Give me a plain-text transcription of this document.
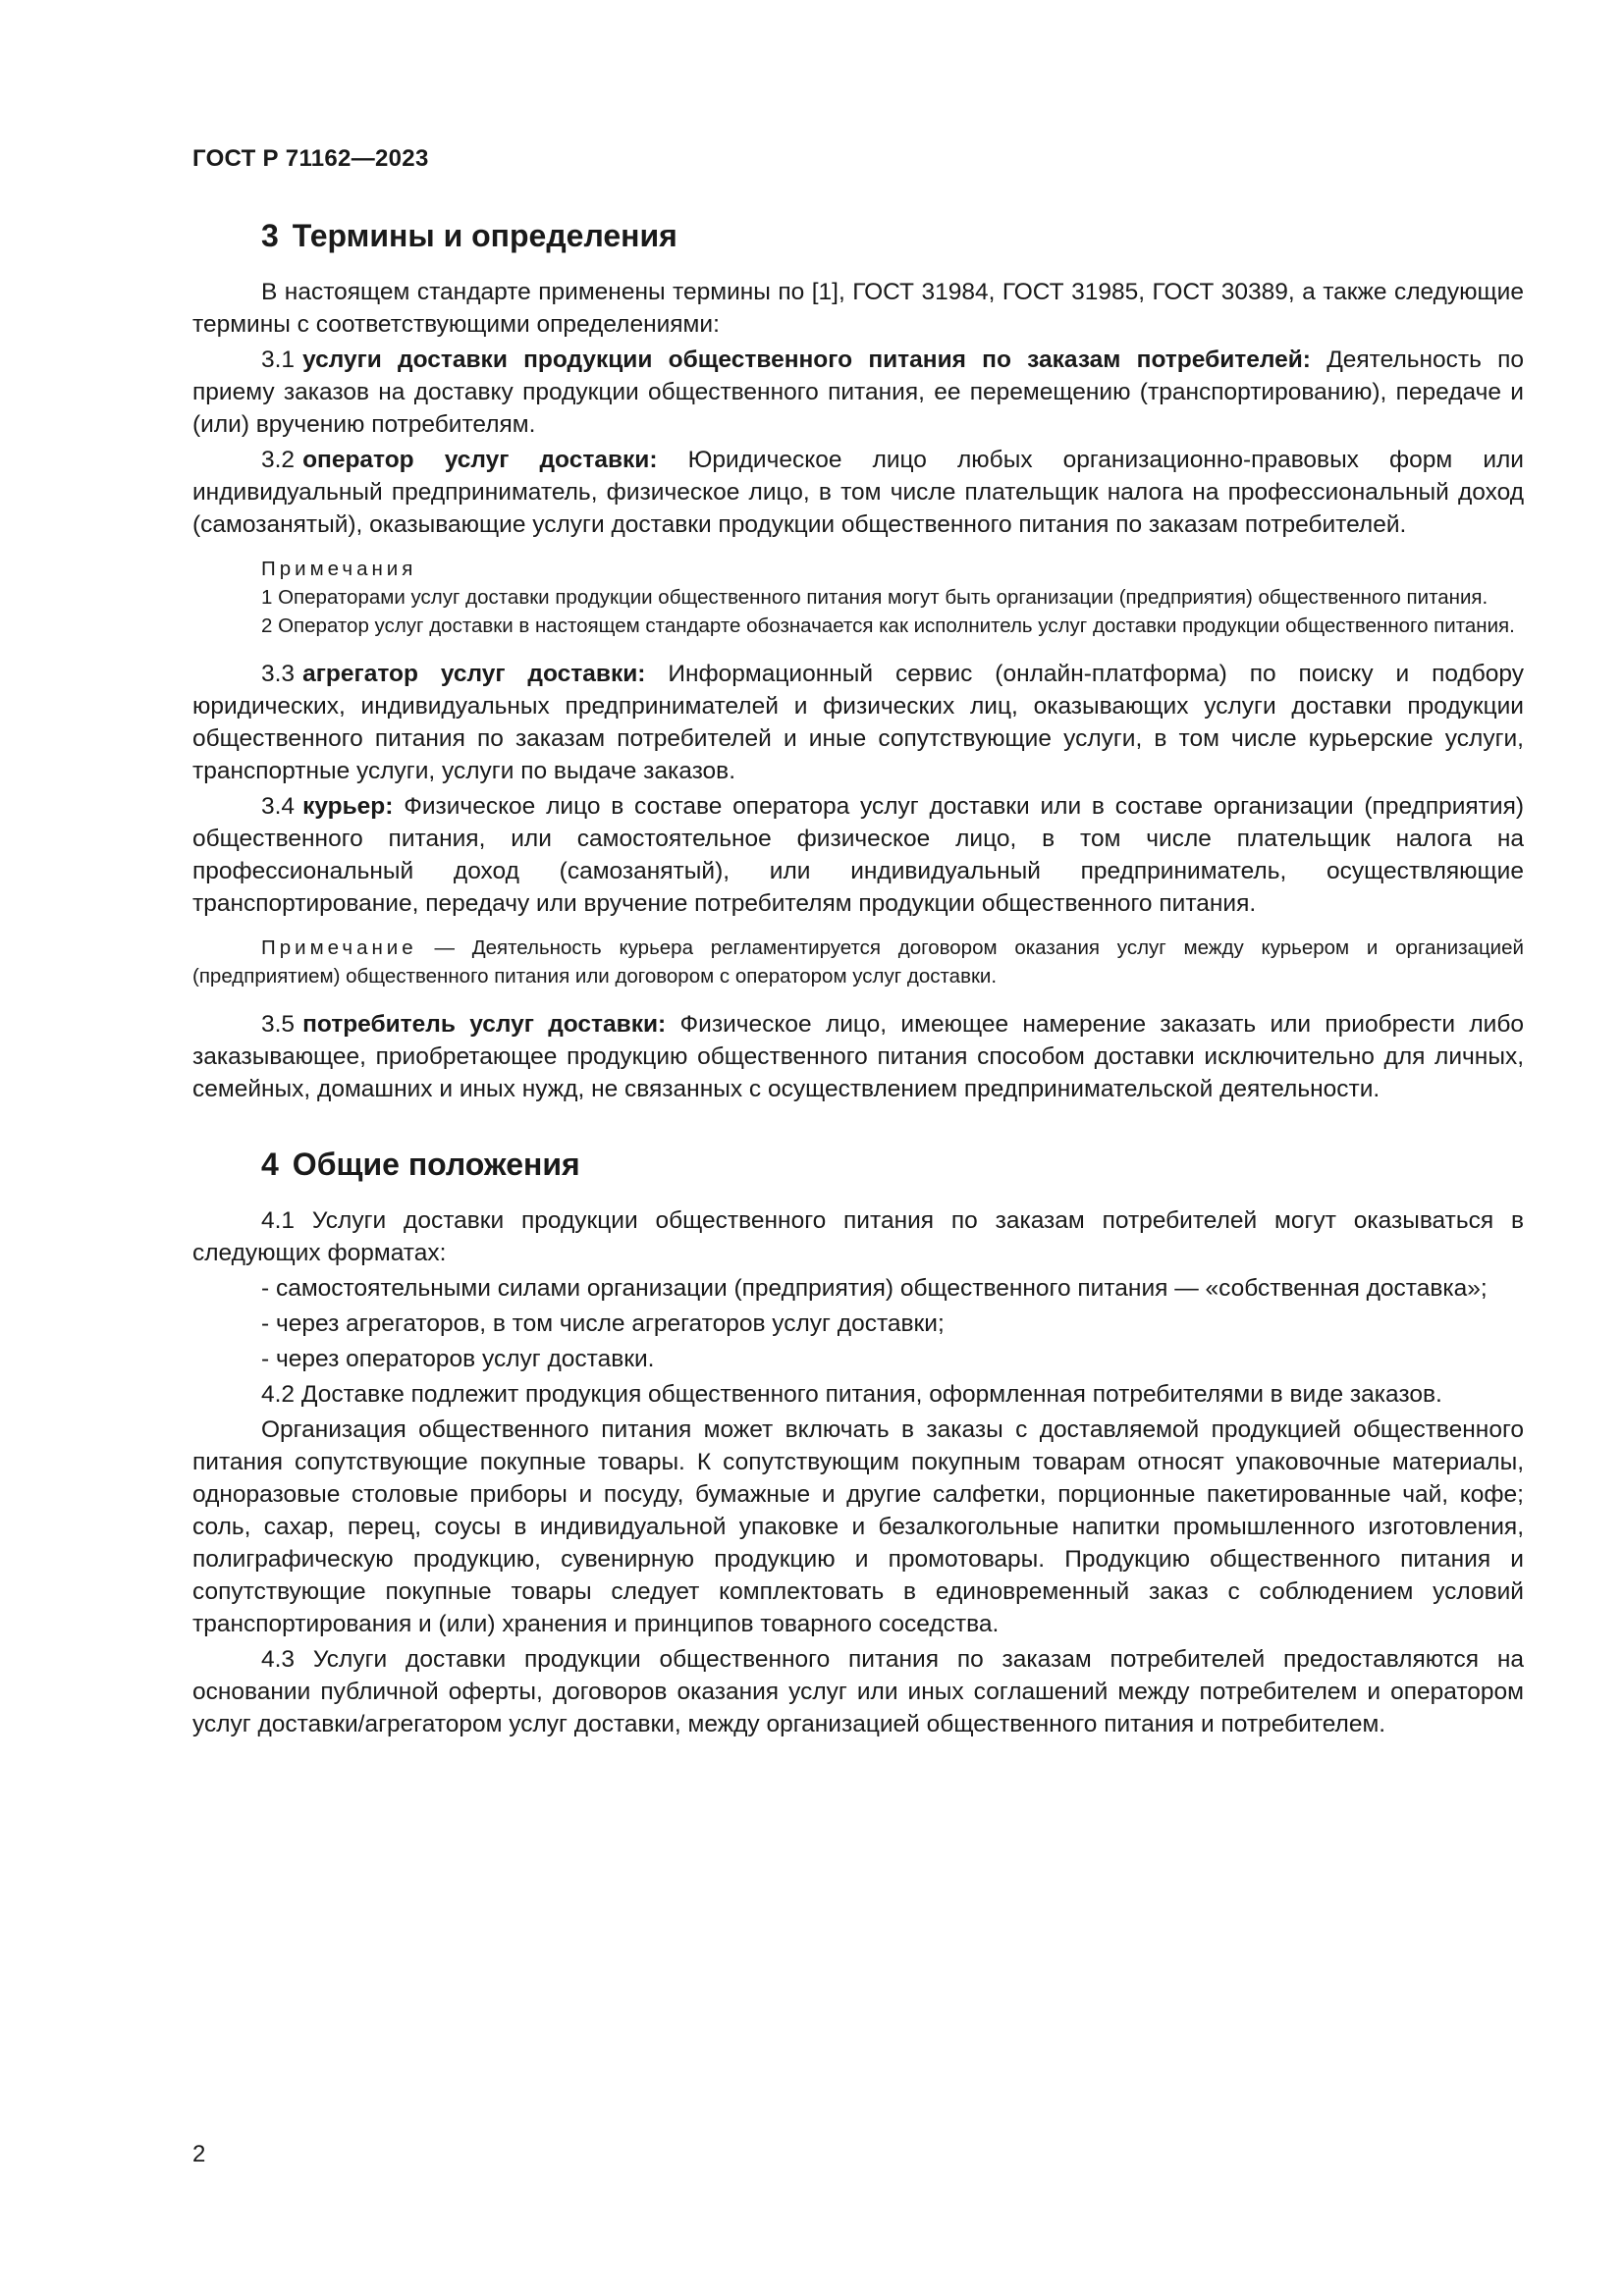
ГОСТ Р 71162—2023
3 Термины и определения

В настоящем стандарте применены термины по [1], ГОСТ 31984, ГОСТ 31985, ГОСТ 30389, а также следующие термины с соответствующими определениями:

3.1 услуги доставки продукции общественного питания по заказам потребителей: Деятельность по приему заказов на доставку продукции общественного питания, ее перемещению (транспортированию), передаче и (или) вручению потребителям.

3.2 оператор услуг доставки: Юридическое лицо любых организационно-правовых форм или индивидуальный предприниматель, физическое лицо, в том числе плательщик налога на профессиональный доход (самозанятый), оказывающие услуги доставки продукции общественного питания по заказам потребителей.

Примечания

1 Операторами услуг доставки продукции общественного питания могут быть организации (предприятия) общественного питания.

2 Оператор услуг доставки в настоящем стандарте обозначается как исполнитель услуг доставки продукции общественного питания.

3.3 агрегатор услуг доставки: Информационный сервис (онлайн-платформа) по поиску и подбору юридических, индивидуальных предпринимателей и физических лиц, оказывающих услуги доставки продукции общественного питания по заказам потребителей и иные сопутствующие услуги, в том числе курьерские услуги, транспортные услуги, услуги по выдаче заказов.

3.4 курьер: Физическое лицо в составе оператора услуг доставки или в составе организации (предприятия) общественного питания, или самостоятельное физическое лицо, в том числе плательщик налога на профессиональный доход (самозанятый), или индивидуальный предприниматель, осуществляющие транспортирование, передачу или вручение потребителям продукции общественного питания.

Примечание — Деятельность курьера регламентируется договором оказания услуг между курьером и организацией (предприятием) общественного питания или договором с оператором услуг доставки.

3.5 потребитель услуг доставки: Физическое лицо, имеющее намерение заказать или приобрести либо заказывающее, приобретающее продукцию общественного питания способом доставки исключительно для личных, семейных, домашних и иных нужд, не связанных с осуществлением предпринимательской деятельности.

4 Общие положения

4.1 Услуги доставки продукции общественного питания по заказам потребителей могут оказываться в следующих форматах:

- самостоятельными силами организации (предприятия) общественного питания — «собственная доставка»;

- через агрегаторов, в том числе агрегаторов услуг доставки;

- через операторов услуг доставки.

4.2 Доставке подлежит продукция общественного питания, оформленная потребителями в виде заказов.

Организация общественного питания может включать в заказы с доставляемой продукцией общественного питания сопутствующие покупные товары. К сопутствующим покупным товарам относят упаковочные материалы, одноразовые столовые приборы и посуду, бумажные и другие салфетки, порционные пакетированные чай, кофе; соль, сахар, перец, соусы в индивидуальной упаковке и безалкогольные напитки промышленного изготовления, полиграфическую продукцию, сувенирную продукцию и промотовары. Продукцию общественного питания и сопутствующие покупные товары следует комплектовать в единовременный заказ с соблюдением условий транспортирования и (или) хранения и принципов товарного соседства.

4.3 Услуги доставки продукции общественного питания по заказам потребителей предоставляются на основании публичной оферты, договоров оказания услуг или иных соглашений между потребителем и оператором услуг доставки/агрегатором услуг доставки, между организацией общественного питания и потребителем.

2
